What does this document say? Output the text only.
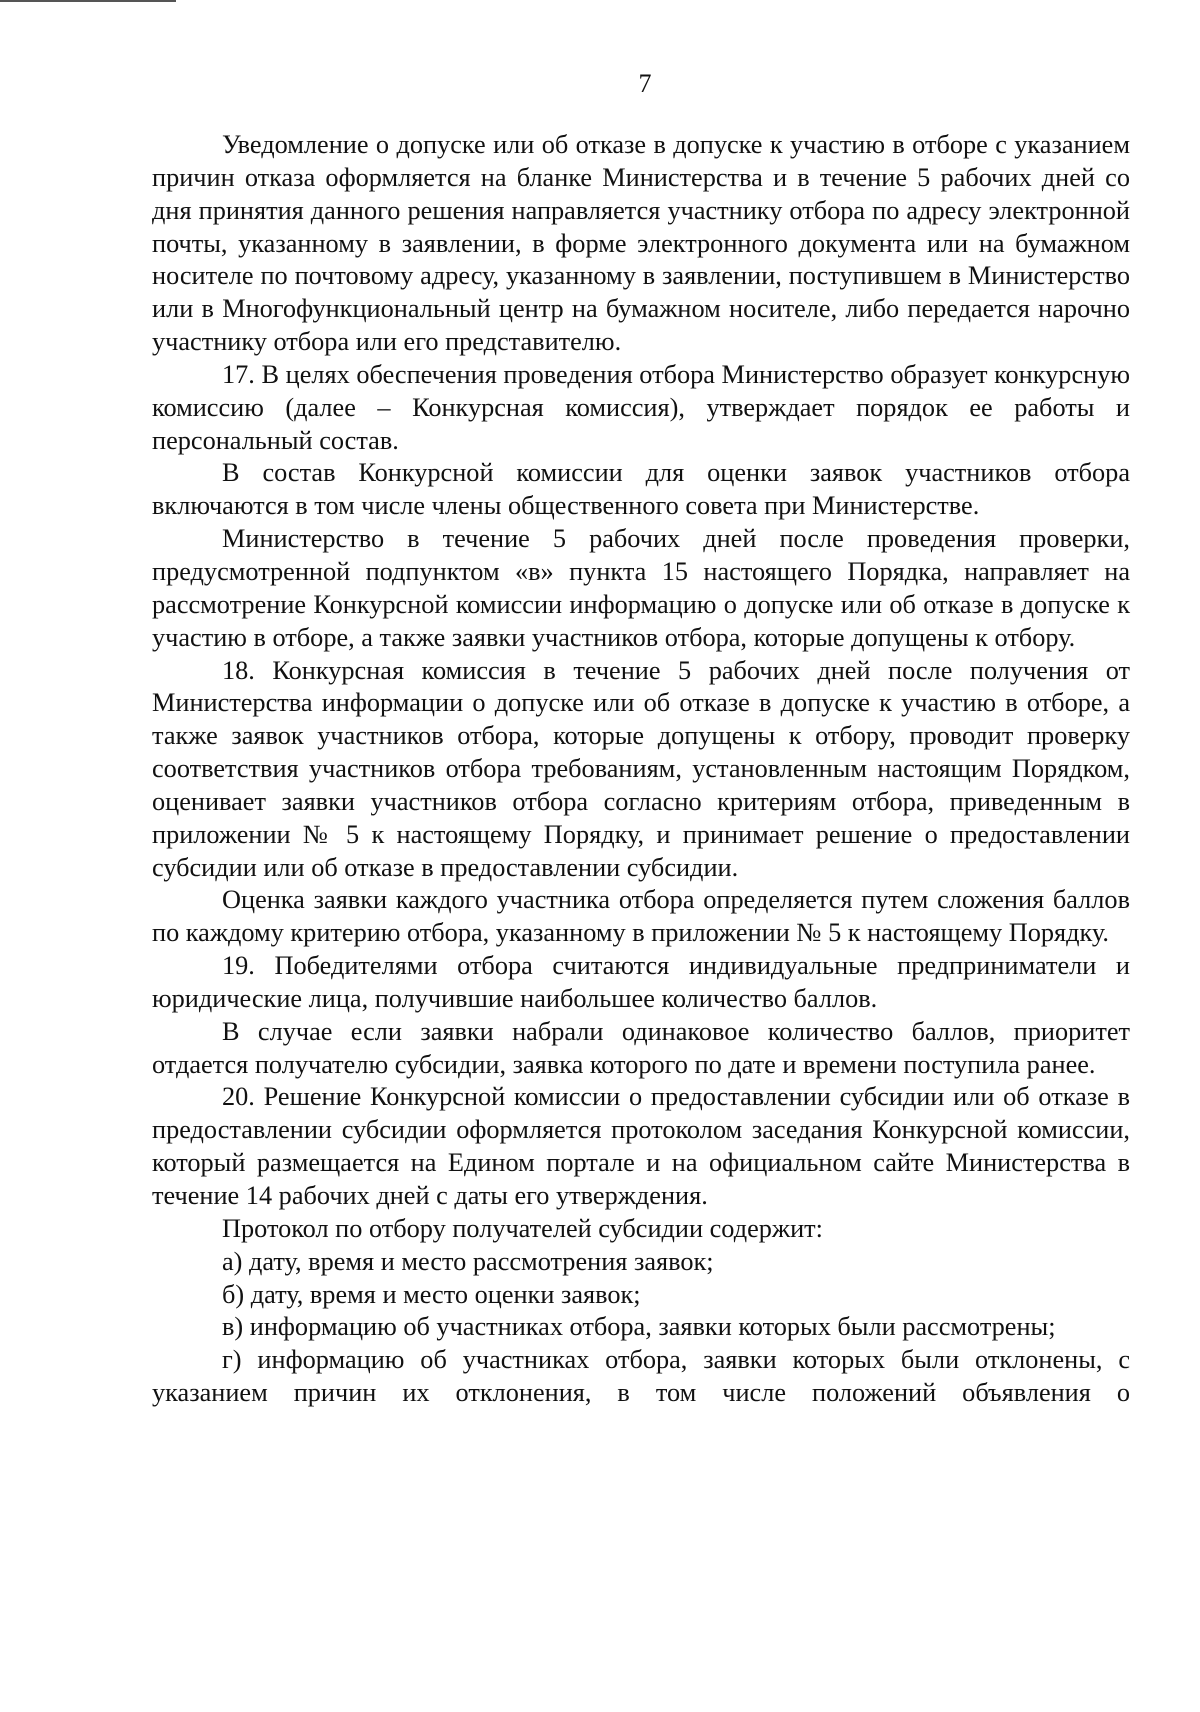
7

Уведомление о допуске или об отказе в допуске к участию в отборе с указанием причин отказа оформляется на бланке Министерства и в течение 5 рабочих дней со дня принятия данного решения направляется участнику отбора по адресу электронной почты, указанному в заявлении, в форме электронного документа или на бумажном носителе по почтовому адресу, указанному в заявлении, поступившем в Министерство или в Многофункциональный центр на бумажном носителе, либо передается нарочно участнику отбора или его представителю.

17. В целях обеспечения проведения отбора Министерство образует конкурсную комиссию (далее – Конкурсная комиссия), утверждает порядок ее работы и персональный состав.

В состав Конкурсной комиссии для оценки заявок участников отбора включаются в том числе члены общественного совета при Министерстве.

Министерство в течение 5 рабочих дней после проведения проверки, предусмотренной подпунктом «в» пункта 15 настоящего Порядка, направляет на рассмотрение Конкурсной комиссии информацию о допуске или об отказе в допуске к участию в отборе, а также заявки участников отбора, которые допущены к отбору.

18. Конкурсная комиссия в течение 5 рабочих дней после получения от Министерства информации о допуске или об отказе в допуске к участию в отборе, а также заявок участников отбора, которые допущены к отбору, проводит проверку соответствия участников отбора требованиям, установленным настоящим Порядком, оценивает заявки участников отбора согласно критериям отбора, приведенным в приложении № 5 к настоящему Порядку, и принимает решение о предоставлении субсидии или об отказе в предоставлении субсидии.

Оценка заявки каждого участника отбора определяется путем сложения баллов по каждому критерию отбора, указанному в приложении № 5 к настоящему Порядку.

19. Победителями отбора считаются индивидуальные предприниматели и юридические лица, получившие наибольшее количество баллов.

В случае если заявки набрали одинаковое количество баллов, приоритет отдается получателю субсидии, заявка которого по дате и времени поступила ранее.

20. Решение Конкурсной комиссии о предоставлении субсидии или об отказе в предоставлении субсидии оформляется протоколом заседания Конкурсной комиссии, который размещается на Едином портале и на официальном сайте Министерства в течение 14 рабочих дней с даты его утверждения.

Протокол по отбору получателей субсидии содержит:

а) дату, время и место рассмотрения заявок;

б) дату, время и место оценки заявок;

в) информацию об участниках отбора, заявки которых были рассмотрены;

г) информацию об участниках отбора, заявки которых были отклонены, с указанием причин их отклонения, в том числе положений объявления о
